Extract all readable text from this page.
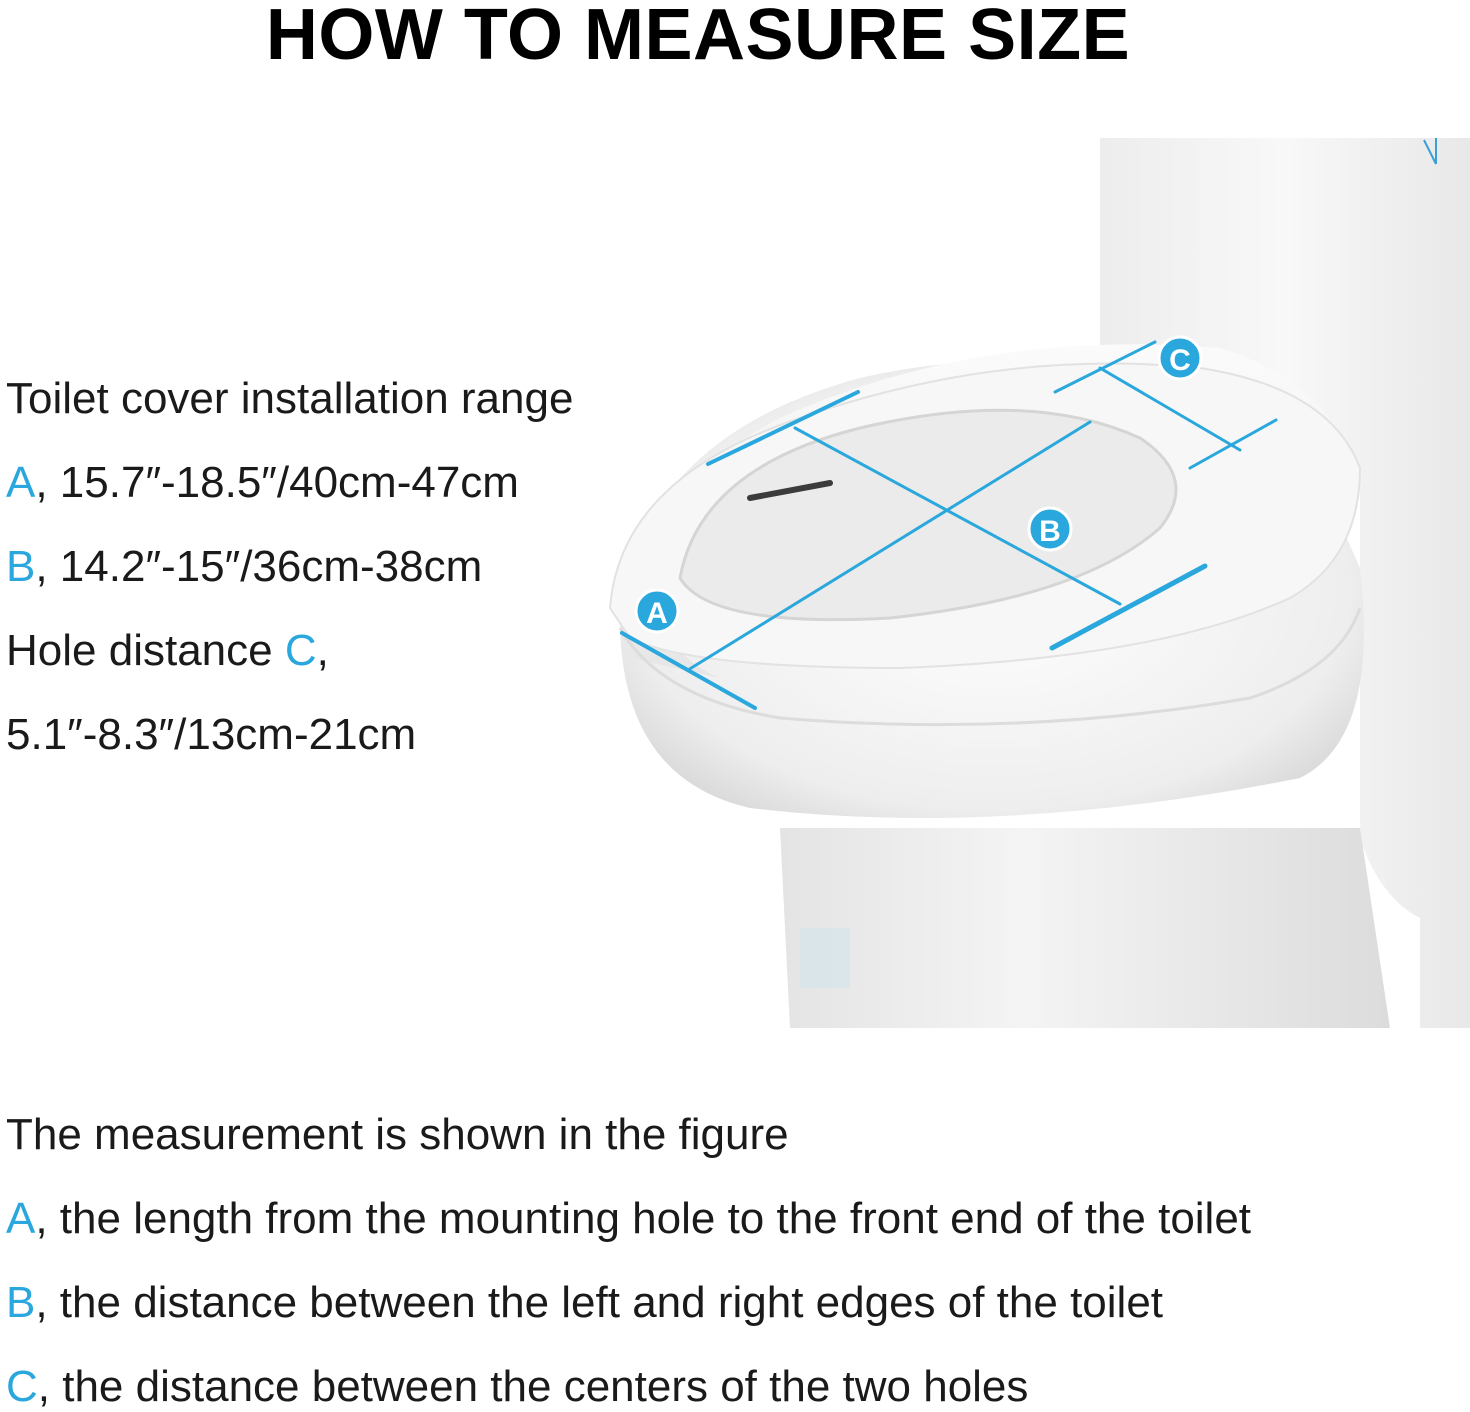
HOW TO MEASURE SIZE
A
B
C
Toilet cover installation range
A, 15.7″-18.5″/40cm-47cm
B, 14.2″-15″/36cm-38cm
Hole distance C,
5.1″-8.3″/13cm-21cm
The measurement is shown in the figure
A, the length from the mounting hole to the front end of the toilet
B, the distance between the left and right edges of the toilet
C, the distance between the centers of the two holes
